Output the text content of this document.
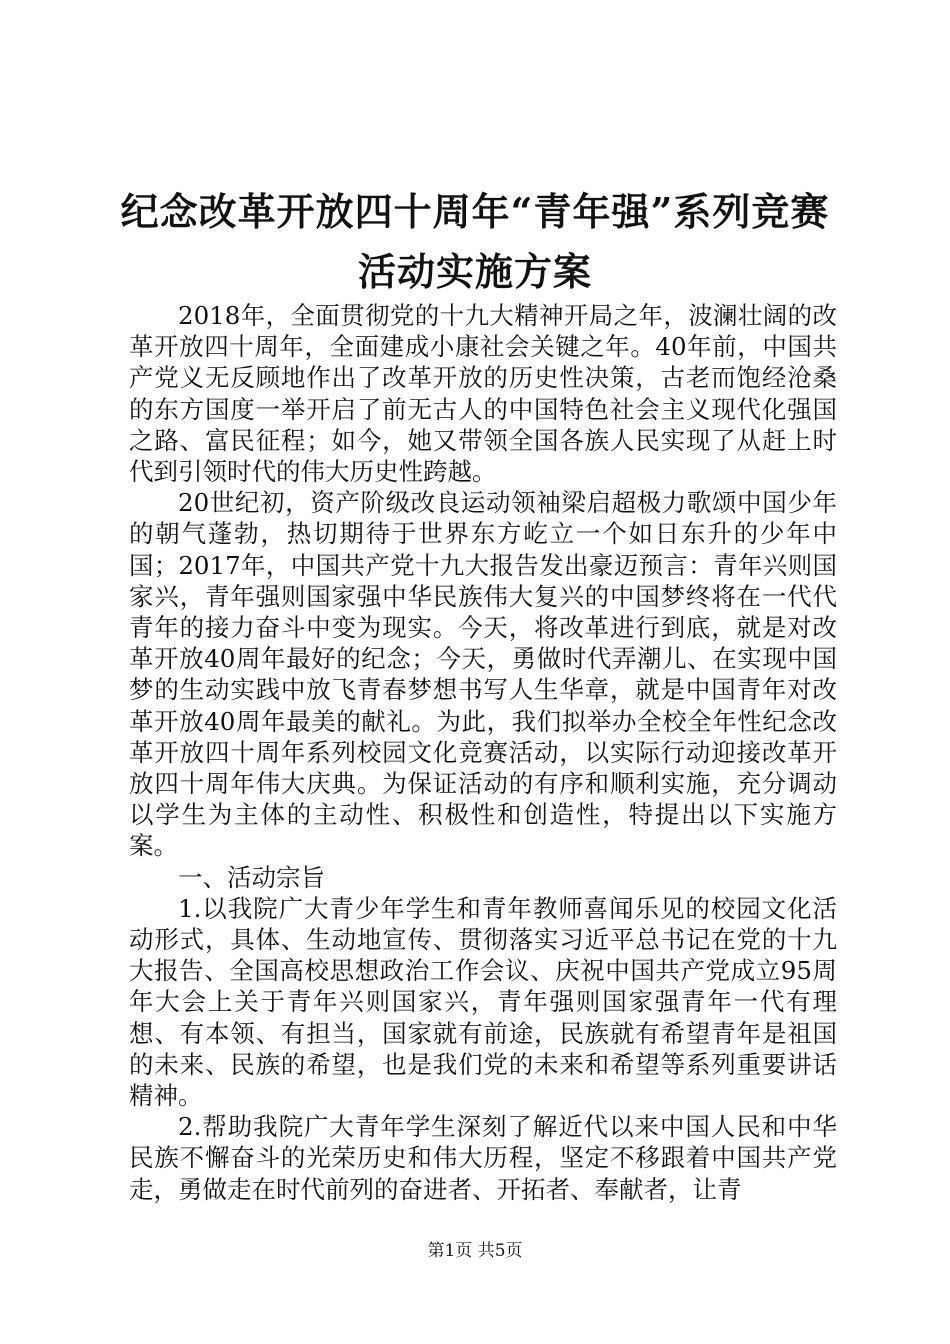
纪念改革开放四十周年“青年强”系列竞赛活动实施方案

2018年，全面贯彻党的十九大精神开局之年，波澜壮阔的改革开放四十周年，全面建成小康社会关键之年。40年前，中国共产党义无反顾地作出了改革开放的历史性决策，古老而饱经沧桑的东方国度一举开启了前无古人的中国特色社会主义现代化强国之路、富民征程；如今，她又带领全国各族人民实现了从赶上时代到引领时代的伟大历史性跨越。

20世纪初，资产阶级改良运动领袖梁启超极力歌颂中国少年的朝气蓬勃，热切期待于世界东方屹立一个如日东升的少年中国；2017年，中国共产党十九大报告发出豪迈预言：青年兴则国家兴，青年强则国家强中华民族伟大复兴的中国梦终将在一代代青年的接力奋斗中变为现实。今天，将改革进行到底，就是对改革开放40周年最好的纪念；今天，勇做时代弄潮儿、在实现中国梦的生动实践中放飞青春梦想书写人生华章，就是中国青年对改革开放40周年最美的献礼。为此，我们拟举办全校全年性纪念改革开放四十周年系列校园文化竞赛活动，以实际行动迎接改革开放四十周年伟大庆典。为保证活动的有序和顺利实施，充分调动以学生为主体的主动性、积极性和创造性，特提出以下实施方案。

一、活动宗旨

1.以我院广大青少年学生和青年教师喜闻乐见的校园文化活动形式，具体、生动地宣传、贯彻落实习近平总书记在党的十九大报告、全国高校思想政治工作会议、庆祝中国共产党成立95周年大会上关于青年兴则国家兴，青年强则国家强青年一代有理想、有本领、有担当，国家就有前途，民族就有希望青年是祖国的未来、民族的希望，也是我们党的未来和希望等系列重要讲话精神。

2.帮助我院广大青年学生深刻了解近代以来中国人民和中华民族不懈奋斗的光荣历史和伟大历程，坚定不移跟着中国共产党走，勇做走在时代前列的奋进者、开拓者、奉献者，让青

第1页 共5页
